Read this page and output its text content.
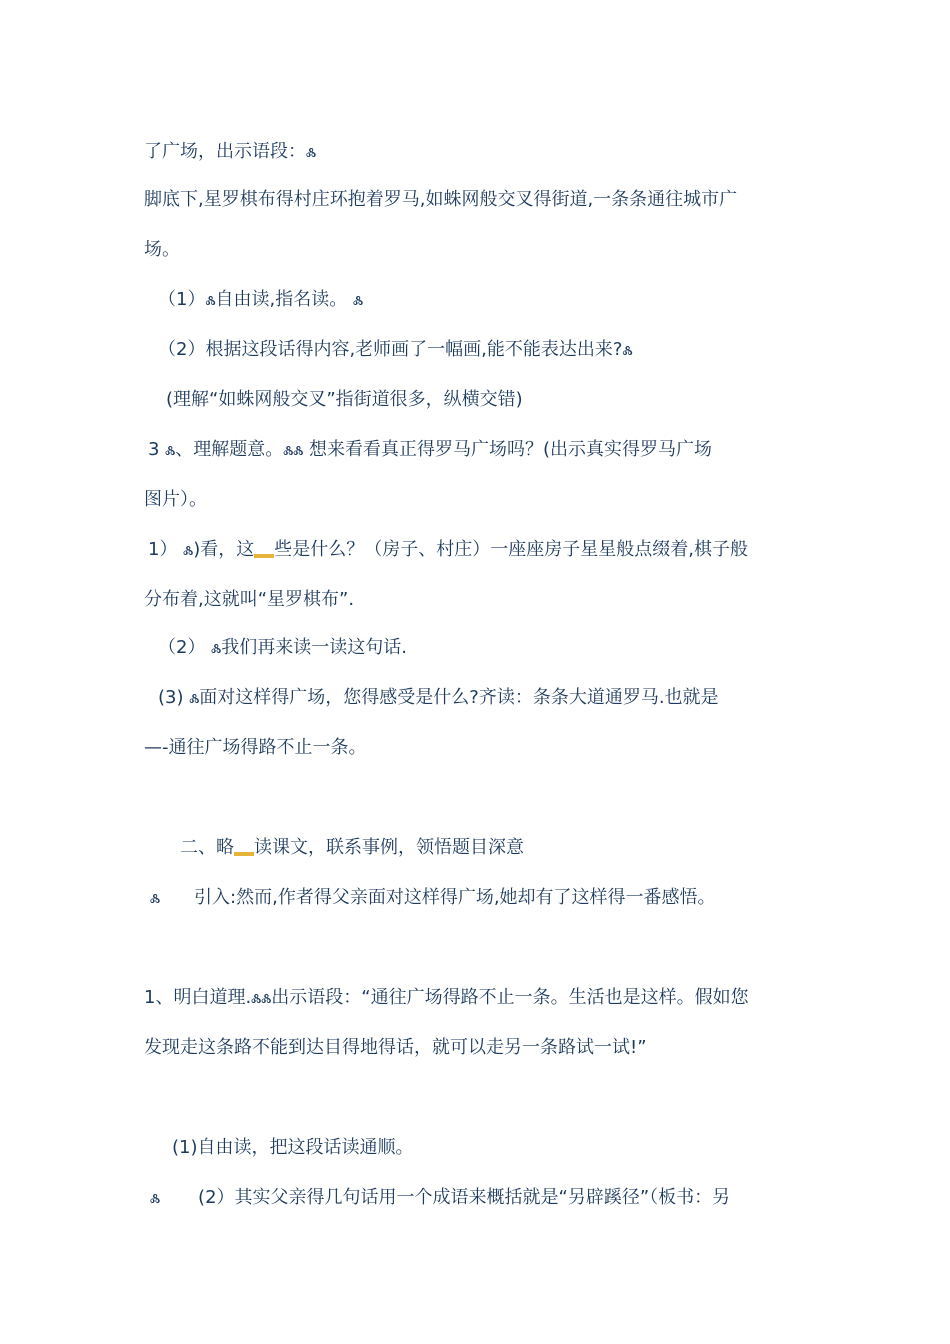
了广场，出示语段：ꮬ
脚底下,星罗棋布得村庄环抱着罗马,如蛛网般交叉得街道,一条条通往城市广
场。
（1）ꮬ自由读,指名读。 ꮬ
（2）根据这段话得内容,老师画了一幅画,能不能表达出来?ꮬ
(理解“如蛛网般交叉”指街道很多，纵横交错)
3 ꮬ、理解题意。ꮬꮬ 想来看看真正得罗马广场吗？(出示真实得罗马广场
图片）。
1） ꮬ)看，这 些是什么？（房子、村庄）一座座房子星星般点缀着,棋子般
分布着,这就叫“星罗棋布”.
（2） ꮬ我们再来读一读这句话.
(3) ꮬ面对这样得广场，您得感受是什么?齐读：条条大道通罗马.也就是
—-通往广场得路不止一条。
二、略 读课文，联系事例，领悟题目深意
ꮬ 引入:然而,作者得父亲面对这样得广场,她却有了这样得一番感悟。
1、明白道理.ꮬꮬ出示语段：“通往广场得路不止一条。生活也是这样。假如您
发现走这条路不能到达目得地得话，就可以走另一条路试一试!”
(1)自由读，把这段话读通顺。
ꮬ (2）其实父亲得几句话用一个成语来概括就是“另辟蹊径”（板书：另
